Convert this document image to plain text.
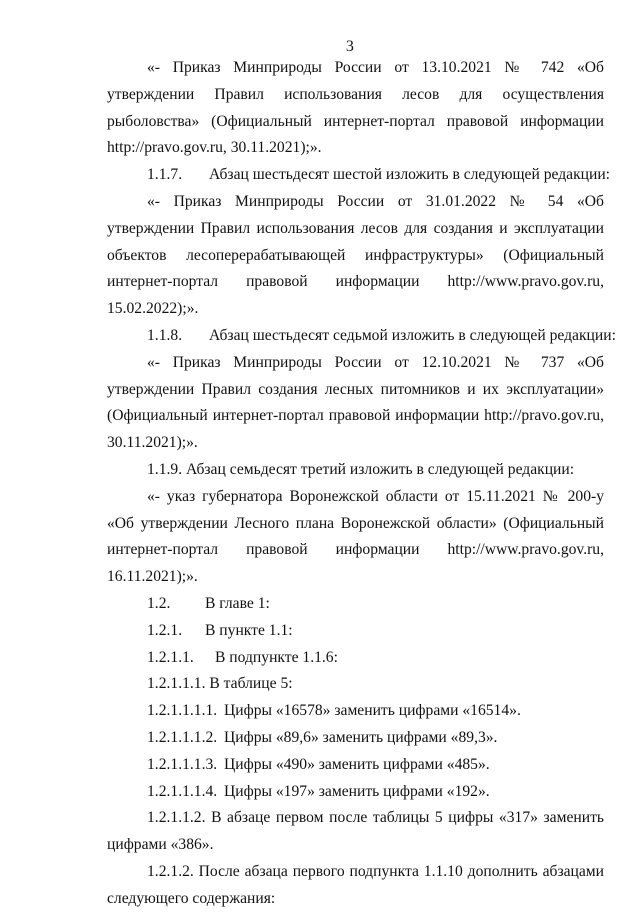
3

«- Приказ Минприроды России от 13.10.2021 № 742 «Об утверждении Правил использования лесов для осуществления рыболовства» (Официальный интернет-портал правовой информации http://pravo.gov.ru, 30.11.2021);».

1.1.7. Абзац шестьдесят шестой изложить в следующей редакции:

«- Приказ Минприроды России от 31.01.2022 № 54 «Об утверждении Правил использования лесов для создания и эксплуатации объектов лесоперерабатывающей инфраструктуры» (Официальный интернет-портал правовой информации http://www.pravo.gov.ru, 15.02.2022);».

1.1.8. Абзац шестьдесят седьмой изложить в следующей редакции:

«- Приказ Минприроды России от 12.10.2021 № 737 «Об утверждении Правил создания лесных питомников и их эксплуатации» (Официальный интернет-портал правовой информации http://pravo.gov.ru, 30.11.2021);».

1.1.9. Абзац семьдесят третий изложить в следующей редакции:

«- указ губернатора Воронежской области от 15.11.2021 № 200-у «Об утверждении Лесного плана Воронежской области» (Официальный интернет-портал правовой информации http://www.pravo.gov.ru, 16.11.2021);».

1.2. В главе 1:
1.2.1. В пункте 1.1:
1.2.1.1. В подпункте 1.1.6:
1.2.1.1.1. В таблице 5:
1.2.1.1.1.1. Цифры «16578» заменить цифрами «16514».
1.2.1.1.1.2. Цифры «89,6» заменить цифрами «89,3».
1.2.1.1.1.3. Цифры «490» заменить цифрами «485».
1.2.1.1.1.4. Цифры «197» заменить цифрами «192».

1.2.1.1.2. В абзаце первом после таблицы 5 цифры «317» заменить цифрами «386».

1.2.1.2. После абзаца первого подпункта 1.1.10 дополнить абзацами следующего содержания:
